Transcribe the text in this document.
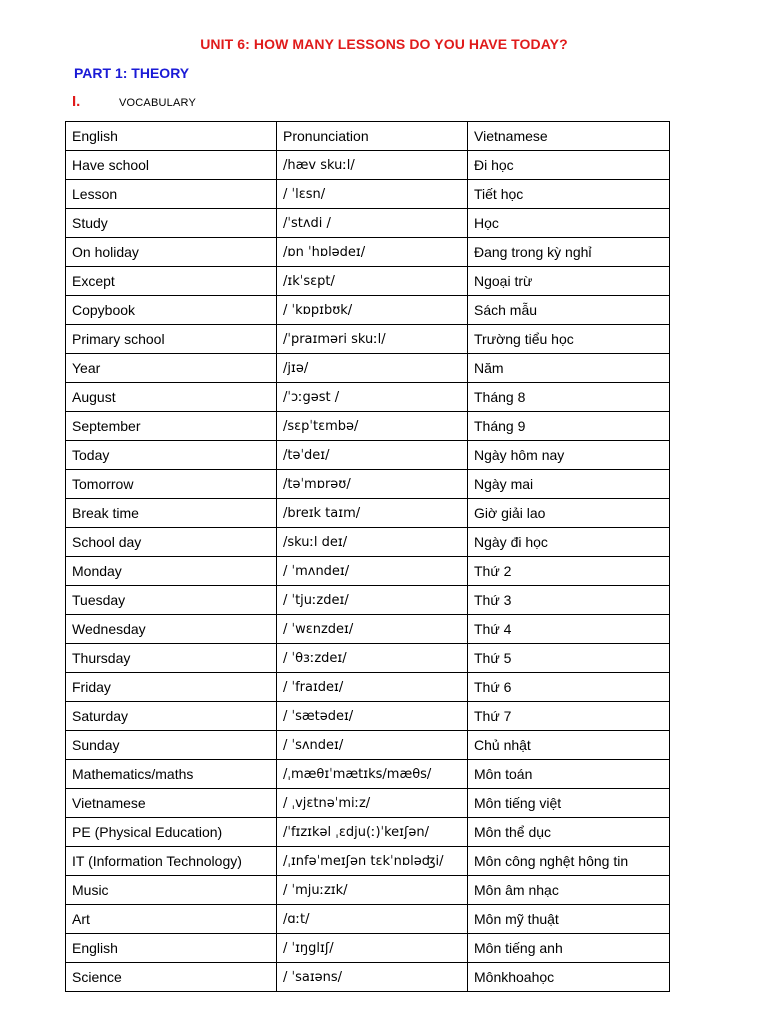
UNIT 6: HOW MANY LESSONS DO YOU HAVE TODAY?
PART 1: THEORY
I.	VOCABULARY
English	Pronunciation	Vietnamese
Have school	/hæv skuːl/	Đi học
Lesson	/ ˈlɛsn/	Tiết học
Study	/ˈstʌdi /	Học
On holiday	/ɒn ˈhɒlədeɪ/	Đang trong kỳ nghỉ
Except	/ɪkˈsɛpt/	Ngoại trừ
Copybook	/ ˈkɒpɪbʊk/	Sách mẫu
Primary school	/ˈpraɪməri skuːl/	Trường tiểu học
Year	/jɪə/	Năm
August	/ˈɔːgəst /	Tháng 8
September	/sɛpˈtɛmbə/	Tháng 9
Today	/təˈdeɪ/	Ngày hôm nay
Tomorrow	/təˈmɒrəʊ/	Ngày mai
Break time	/breɪk taɪm/	Giờ giải lao
School day	/skuːl deɪ/	Ngày đi học
Monday	/ ˈmʌndeɪ/	Thứ 2
Tuesday	/ ˈtjuːzdeɪ/	Thứ 3
Wednesday	/ ˈwɛnzdeɪ/	Thứ 4
Thursday	/ ˈθɜːzdeɪ/	Thứ 5
Friday	/ ˈfraɪdeɪ/	Thứ 6
Saturday	/ ˈsætədeɪ/	Thứ 7
Sunday	/ ˈsʌndeɪ/	Chủ nhật
Mathematics/maths	/ˌmæθɪˈmætɪks/mæθs/	Môn toán
Vietnamese	/ ˌvjɛtnəˈmiːz/	Môn tiếng việt
PE (Physical Education)	/ˈfɪzɪkəl ˌɛdju(ː)ˈkeɪʃən/	Môn thể dục
IT (Information Technology)	/ˌɪnfəˈmeɪʃən tɛkˈnɒləʤi/	Môn công nghệt hông tin
Music	/ ˈmjuːzɪk/	Môn âm nhạc
Art	/ɑːt/	Môn mỹ thuật
English	/ ˈɪŋglɪʃ/	Môn tiếng anh
Science	/ ˈsaɪəns/	Mônkhoahọc
